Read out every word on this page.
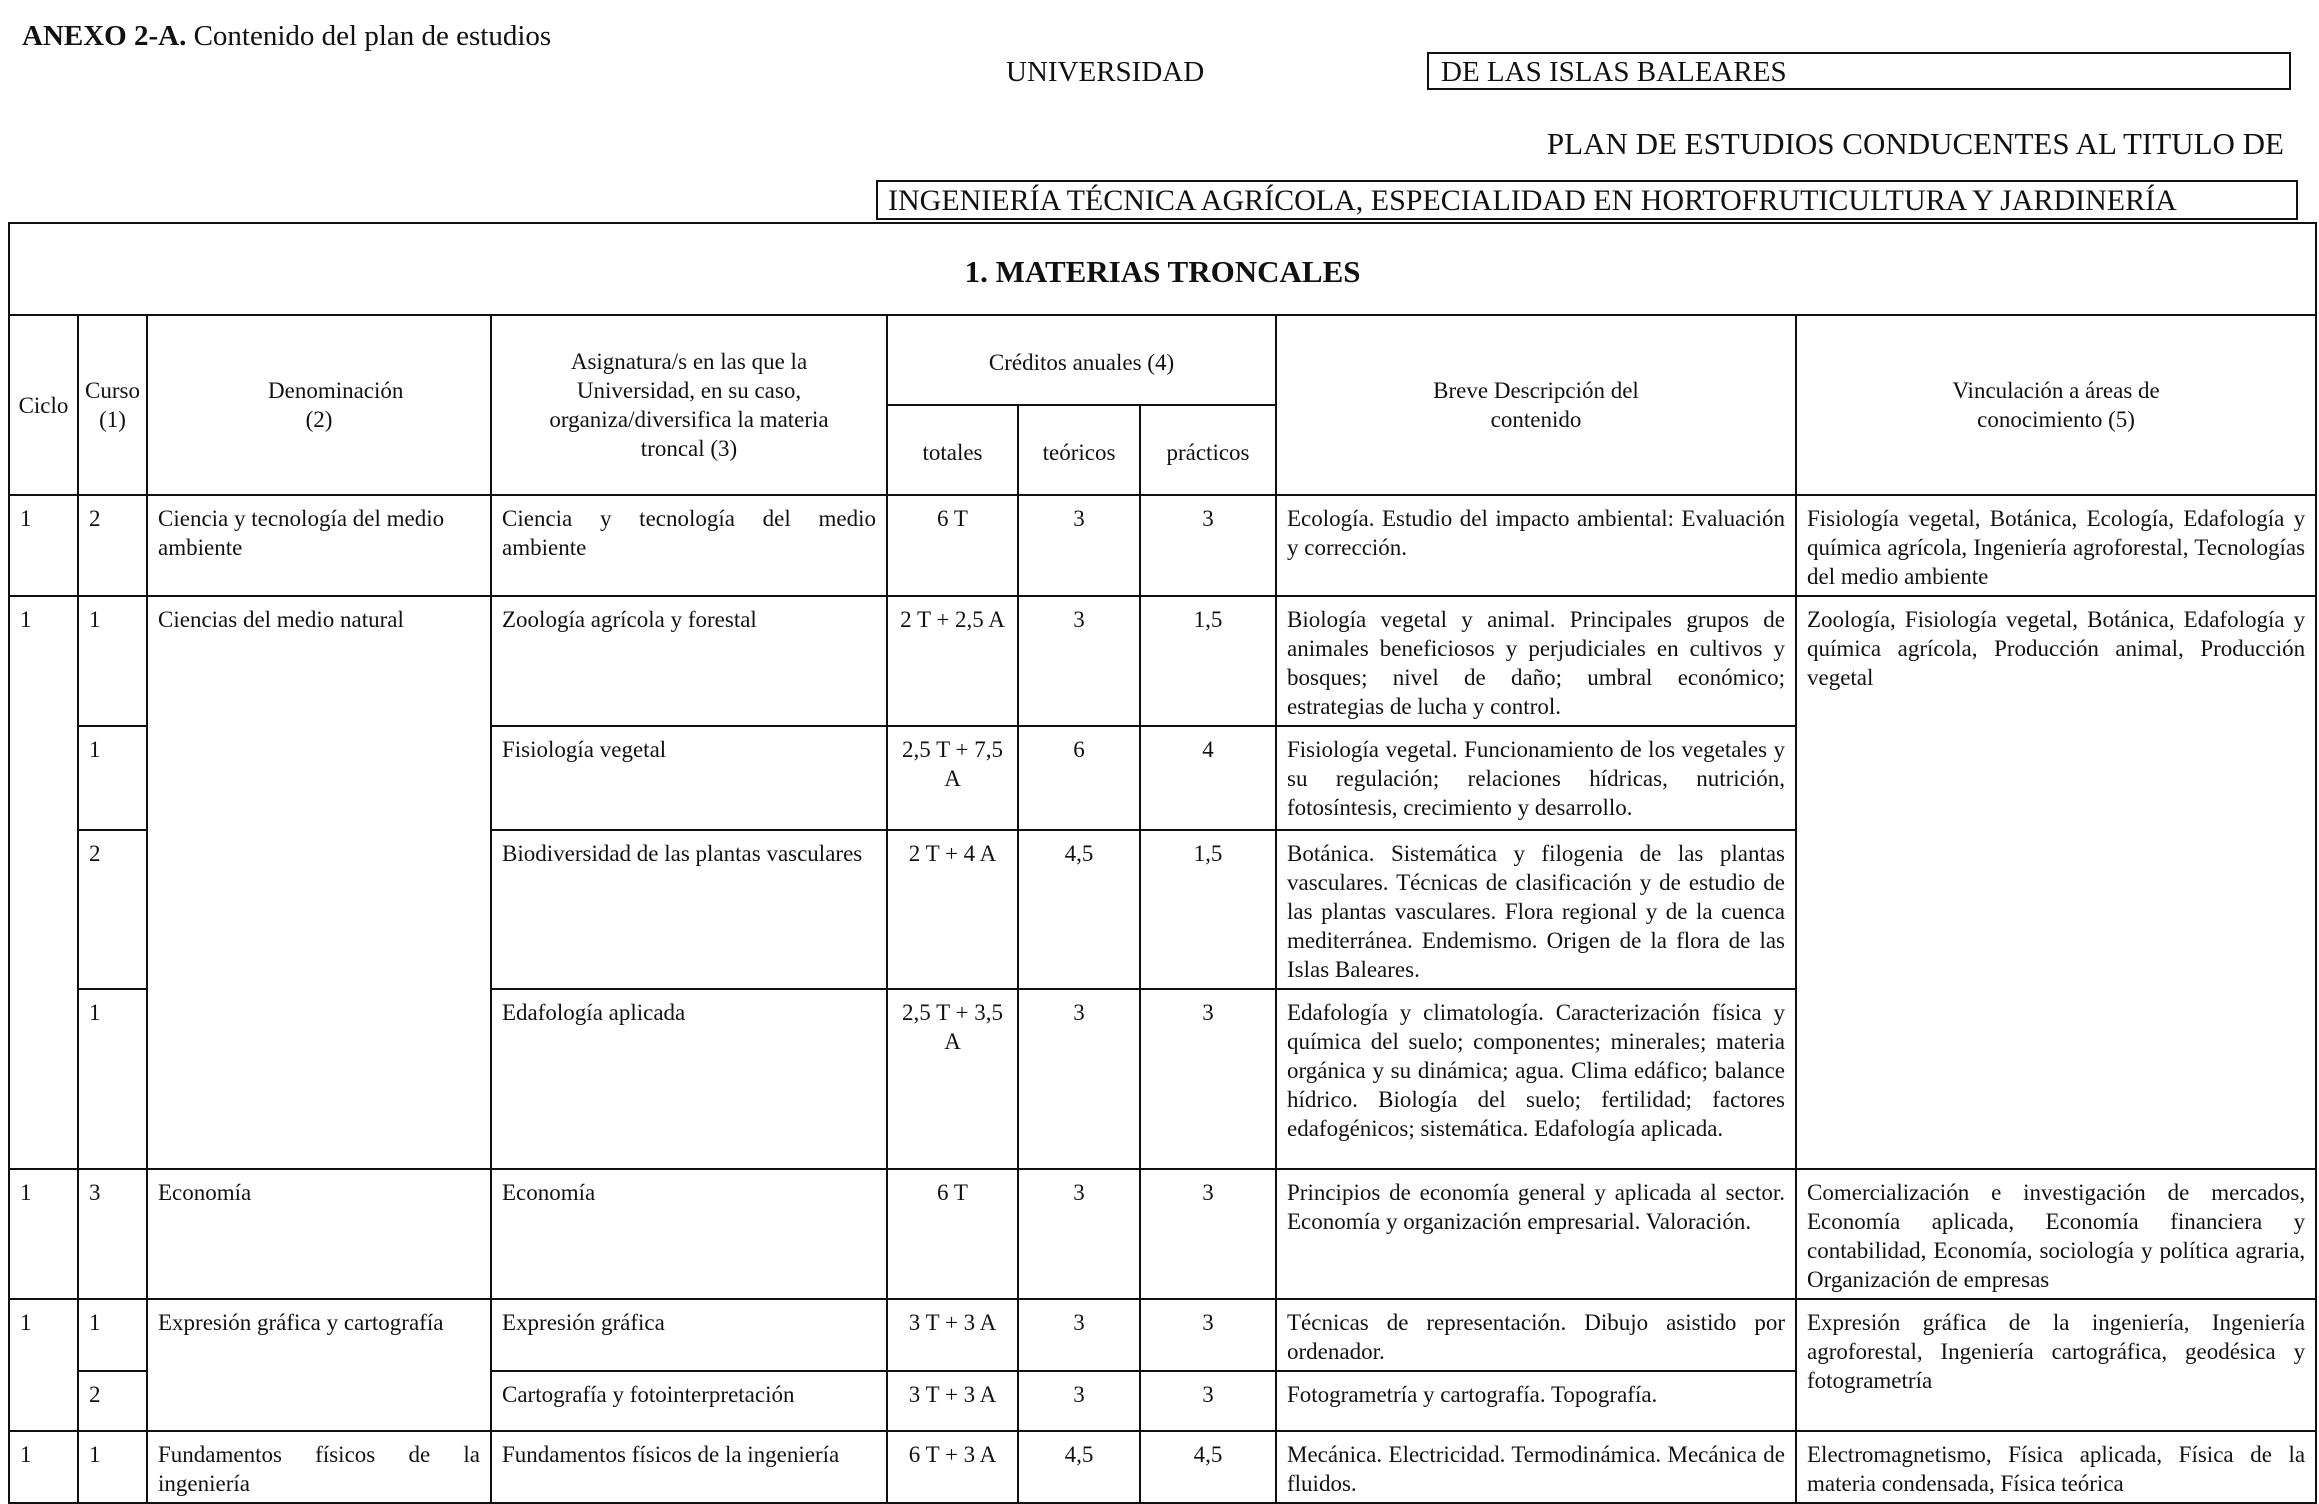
ANEXO 2-A. Contenido del plan de estudios
UNIVERSIDAD	DE LAS ISLAS BALEARES
PLAN DE ESTUDIOS CONDUCENTES AL TITULO DE
INGENIERÍA TÉCNICA AGRÍCOLA, ESPECIALIDAD EN HORTOFRUTICULTURA Y JARDINERÍA
1. MATERIAS TRONCALES								
Ciclo	Curso (1)	Denominación (2)	Asignatura/s en las que la Universidad, en su caso, organiza/diversifica la materia troncal (3)	Créditos anuales (4)			Breve Descripción del contenido	Vinculación a áreas de conocimiento (5)
				totales	teóricos	prácticos		
1	2	Ciencia y tecnología del medio ambiente	Ciencia y tecnología del medio ambiente	6 T	3	3	Ecología. Estudio del impacto ambiental: Evaluación y corrección.	Fisiología vegetal, Botánica, Ecología, Edafología y química agrícola, Ingeniería agroforestal, Tecnologías del medio ambiente
1	1	Ciencias del medio natural	Zoología agrícola y forestal	2 T + 2,5 A	3	1,5	Biología vegetal y animal. Principales grupos de animales beneficiosos y perjudiciales en cultivos y bosques; nivel de daño; umbral económico; estrategias de lucha y control.	Zoología, Fisiología vegetal, Botánica, Edafología y química agrícola, Producción animal, Producción vegetal
	1		Fisiología vegetal	2,5 T + 7,5 A	6	4	Fisiología vegetal. Funcionamiento de los vegetales y su regulación; relaciones hídricas, nutrición, fotosíntesis, crecimiento y desarrollo.	
	2		Biodiversidad de las plantas vasculares	2 T + 4 A	4,5	1,5	Botánica. Sistemática y filogenia de las plantas vasculares. Técnicas de clasificación y de estudio de las plantas vasculares. Flora regional y de la cuenca mediterránea. Endemismo. Origen de la flora de las Islas Baleares.	
	1		Edafología aplicada	2,5 T + 3,5 A	3	3	Edafología y climatología. Caracterización física y química del suelo; componentes; minerales; materia orgánica y su dinámica; agua. Clima edáfico; balance hídrico. Biología del suelo; fertilidad; factores edafogénicos; sistemática. Edafología aplicada.	
1	3	Economía	Economía	6 T	3	3	Principios de economía general y aplicada al sector. Economía y organización empresarial. Valoración.	Comercialización e investigación de mercados, Economía aplicada, Economía financiera y contabilidad, Economía, sociología y política agraria, Organización de empresas
1	1	Expresión gráfica y cartografía	Expresión gráfica	3 T + 3 A	3	3	Técnicas de representación. Dibujo asistido por ordenador.	Expresión gráfica de la ingeniería, Ingeniería agroforestal, Ingeniería cartográfica, geodésica y fotogrametría
	2		Cartografía y fotointerpretación	3 T + 3 A	3	3	Fotogrametría y cartografía. Topografía.	
1	1	Fundamentos físicos de la ingeniería	Fundamentos físicos de la ingeniería	6 T + 3 A	4,5	4,5	Mecánica. Electricidad. Termodinámica. Mecánica de fluidos.	Electromagnetismo, Física aplicada, Física de la materia condensada, Física teórica
